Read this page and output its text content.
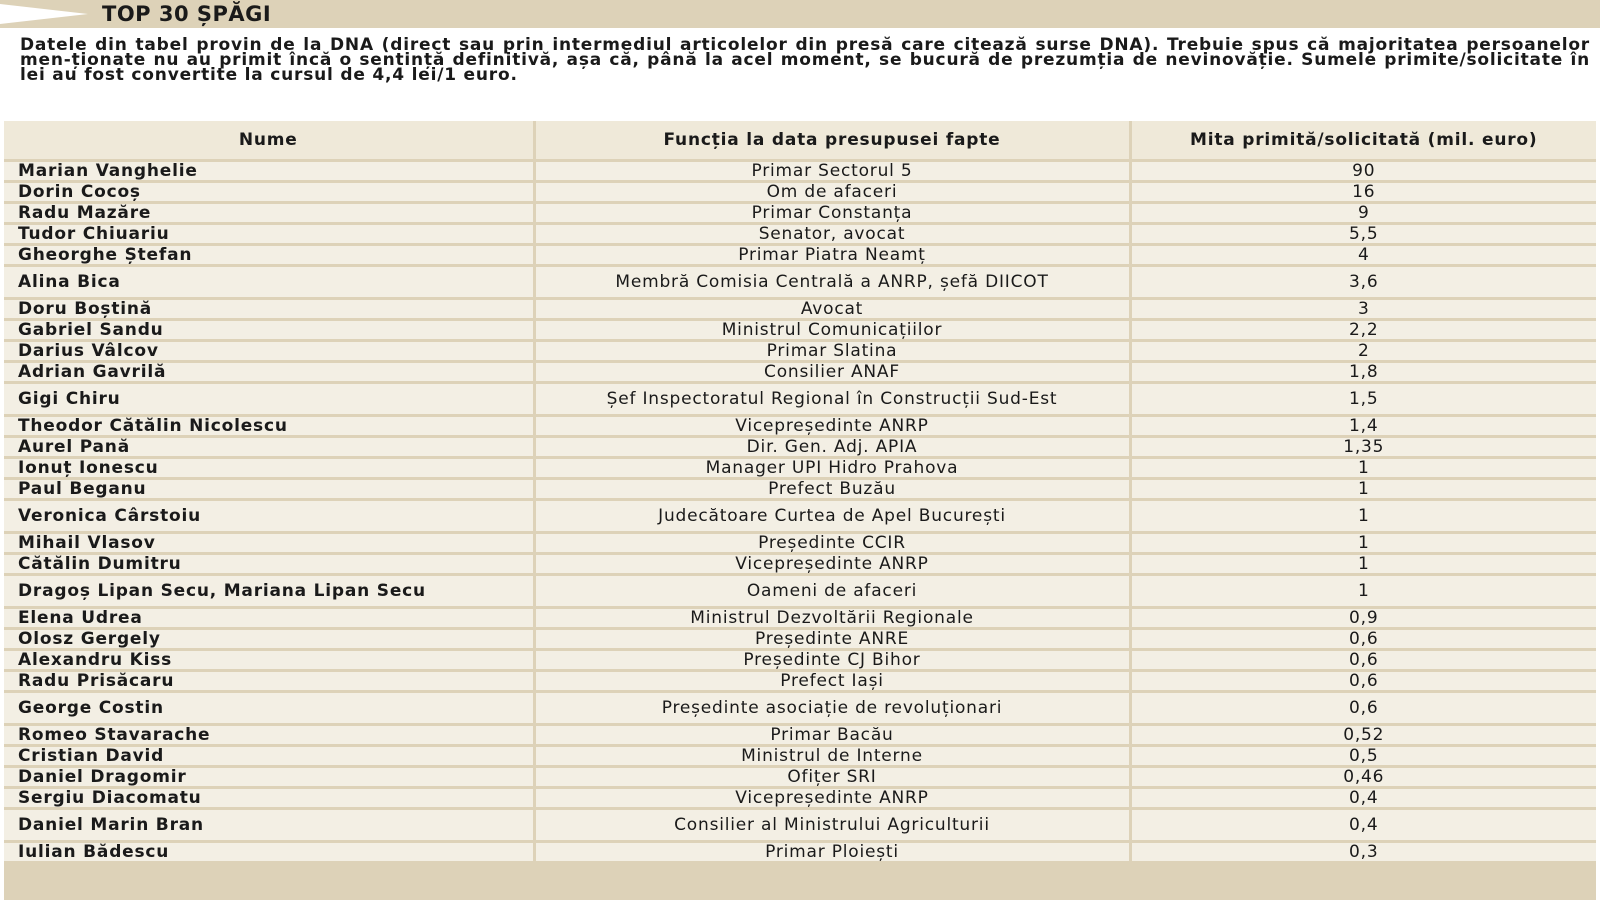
TOP 30 ȘPĂGI
Datele din tabel provin de la DNA (direct sau prin intermediul articolelor din presă care citează surse DNA). Trebuie spus că majoritatea persoanelor men-ționate nu au primit încă o sentință definitivă, așa că, până la acel moment, se bucură de prezumția de nevinovăție. Sumele primite/solicitate în lei au fost convertite la cursul de 4,4 lei/1 euro.
Nume	Funcția la data presupusei fapte	Mita primită/solicitată (mil. euro)
Marian Vanghelie	Primar Sectorul 5	90
Dorin Cocoș	Om de afaceri	16
Radu Mazăre	Primar Constanța	9
Tudor Chiuariu	Senator, avocat	5,5
Gheorghe Ștefan	Primar Piatra Neamț	4
Alina Bica	Membră Comisia Centrală a ANRP, șefă DIICOT	3,6
Doru Boștină	Avocat	3
Gabriel Sandu	Ministrul Comunicațiilor	2,2
Darius Vâlcov	Primar Slatina	2
Adrian Gavrilă	Consilier ANAF	1,8
Gigi Chiru	Șef Inspectoratul Regional în Construcții Sud-Est	1,5
Theodor Cătălin Nicolescu	Vicepreședinte ANRP	1,4
Aurel Pană	Dir. Gen. Adj. APIA	1,35
Ionuț Ionescu	Manager UPI Hidro Prahova	1
Paul Beganu	Prefect Buzău	1
Veronica Cârstoiu	Judecătoare Curtea de Apel București	1
Mihail Vlasov	Președinte CCIR	1
Cătălin Dumitru	Vicepreședinte ANRP	1
Dragoș Lipan Secu, Mariana Lipan Secu	Oameni de afaceri	1
Elena Udrea	Ministrul Dezvoltării Regionale	0,9
Olosz Gergely	Președinte ANRE	0,6
Alexandru Kiss	Președinte CJ Bihor	0,6
Radu Prisăcaru	Prefect Iași	0,6
George Costin	Președinte asociație de revoluționari	0,6
Romeo Stavarache	Primar Bacău	0,52
Cristian David	Ministrul de Interne	0,5
Daniel Dragomir	Ofițer SRI	0,46
Sergiu Diacomatu	Vicepreședinte ANRP	0,4
Daniel Marin Bran	Consilier al Ministrului Agriculturii	0,4
Iulian Bădescu	Primar Ploiești	0,3
